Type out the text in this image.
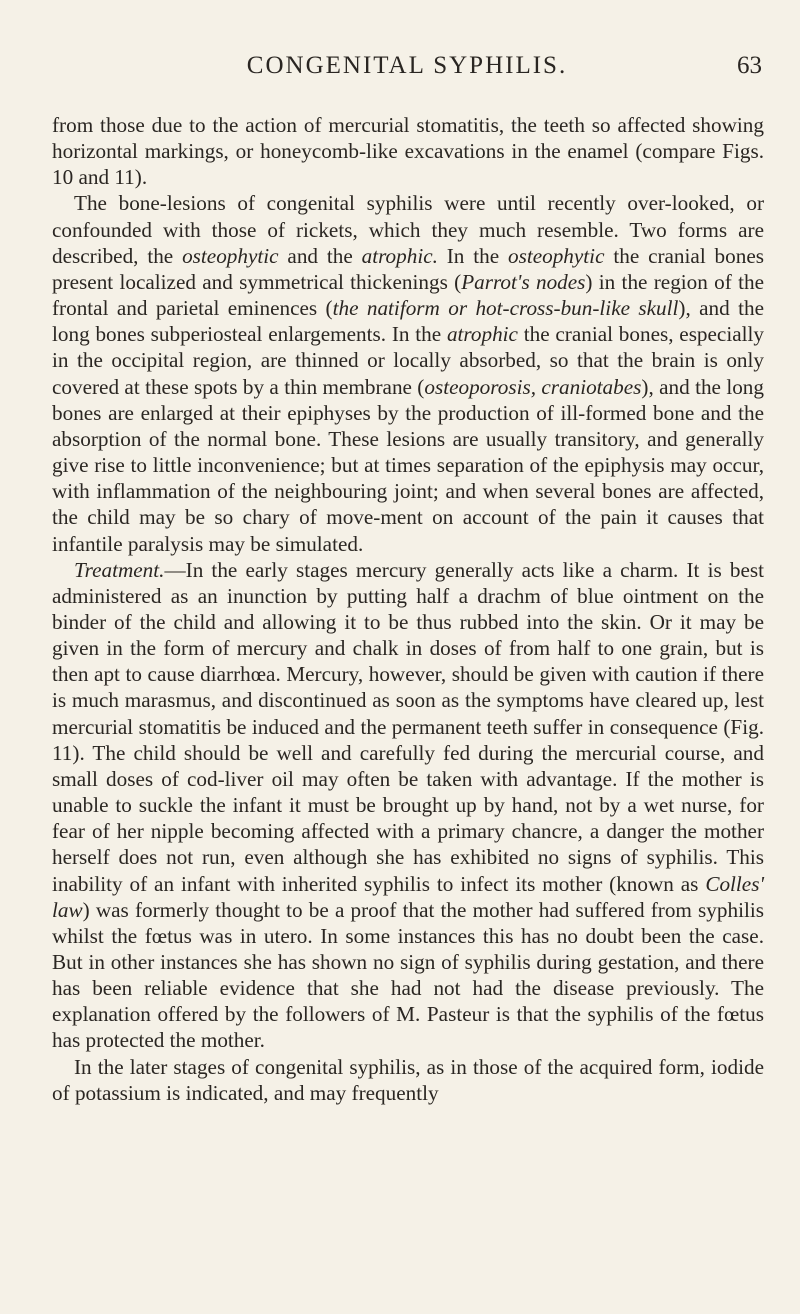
CONGENITAL SYPHILIS.	63

from those due to the action of mercurial stomatitis, the teeth so affected showing horizontal markings, or honeycomb-like excavations in the enamel (compare Figs. 10 and 11).

The bone-lesions of congenital syphilis were until recently over-looked, or confounded with those of rickets, which they much resemble. Two forms are described, the osteophytic and the atrophic. In the osteophytic the cranial bones present localized and symmetrical thickenings (Parrot's nodes) in the region of the frontal and parietal eminences (the natiform or hot-cross-bun-like skull), and the long bones subperiosteal enlargements. In the atrophic the cranial bones, especially in the occipital region, are thinned or locally absorbed, so that the brain is only covered at these spots by a thin membrane (osteoporosis, craniotabes), and the long bones are enlarged at their epiphyses by the production of ill-formed bone and the absorption of the normal bone. These lesions are usually transitory, and generally give rise to little inconvenience; but at times separation of the epiphysis may occur, with inflammation of the neighbouring joint; and when several bones are affected, the child may be so chary of move-ment on account of the pain it causes that infantile paralysis may be simulated.

Treatment.—In the early stages mercury generally acts like a charm. It is best administered as an inunction by putting half a drachm of blue ointment on the binder of the child and allowing it to be thus rubbed into the skin. Or it may be given in the form of mercury and chalk in doses of from half to one grain, but is then apt to cause diarrhœa. Mercury, however, should be given with caution if there is much marasmus, and discontinued as soon as the symptoms have cleared up, lest mercurial stomatitis be induced and the permanent teeth suffer in consequence (Fig. 11). The child should be well and carefully fed during the mercurial course, and small doses of cod-liver oil may often be taken with advantage. If the mother is unable to suckle the infant it must be brought up by hand, not by a wet nurse, for fear of her nipple becoming affected with a primary chancre, a danger the mother herself does not run, even although she has exhibited no signs of syphilis. This inability of an infant with inherited syphilis to infect its mother (known as Colles' law) was formerly thought to be a proof that the mother had suffered from syphilis whilst the fœtus was in utero. In some instances this has no doubt been the case. But in other instances she has shown no sign of syphilis during gestation, and there has been reliable evidence that she had not had the disease previously. The explanation offered by the followers of M. Pasteur is that the syphilis of the fœtus has protected the mother.

In the later stages of congenital syphilis, as in those of the acquired form, iodide of potassium is indicated, and may frequently
